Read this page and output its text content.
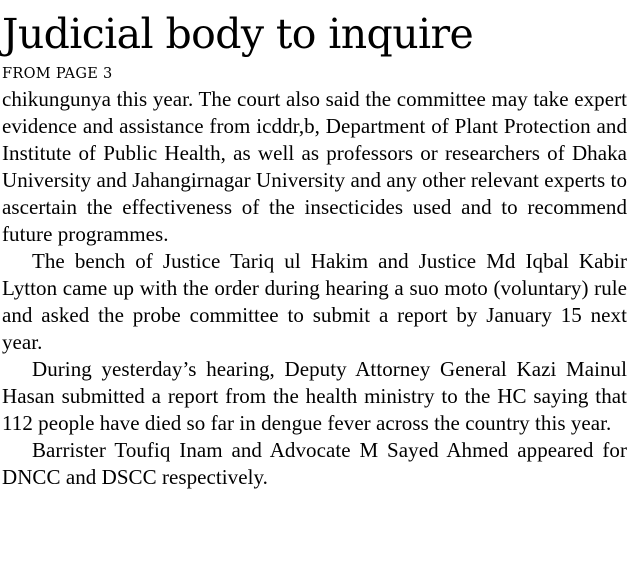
Judicial body to inquire

FROM PAGE 3

chikungunya this year. The court also said the committee may take expert evidence and assistance from icddr,b, Department of Plant Protection and Institute of Public Health, as well as professors or researchers of Dhaka University and Jahangirnagar University and any other relevant experts to ascertain the effectiveness of the insecticides used and to recommend future programmes.

The bench of Justice Tariq ul Hakim and Justice Md Iqbal Kabir Lytton came up with the order during hearing a suo moto (voluntary) rule and asked the probe committee to submit a report by January 15 next year.

During yesterday’s hearing, Deputy Attorney General Kazi Mainul Hasan submitted a report from the health ministry to the HC saying that 112 people have died so far in dengue fever across the country this year.

Barrister Toufiq Inam and Advocate M Sayed Ahmed appeared for DNCC and DSCC respectively.
